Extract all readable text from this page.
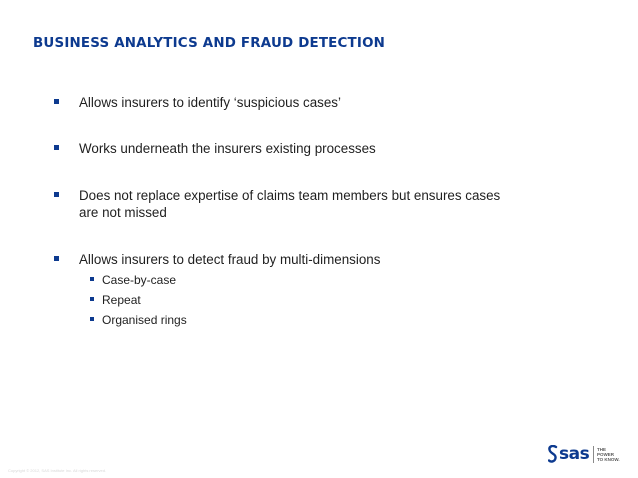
BUSINESS ANALYTICS AND FRAUD DETECTION
Allows insurers to identify ‘suspicious cases’
Works underneath the insurers existing processes
Does not replace expertise of claims team members but ensures cases
are not missed
Allows insurers to detect fraud by multi-dimensions
Case-by-case
Repeat
Organised rings
Copyright © 2012, SAS Institute Inc. All rights reserved.
sas THE
POWER
TO KNOW.
